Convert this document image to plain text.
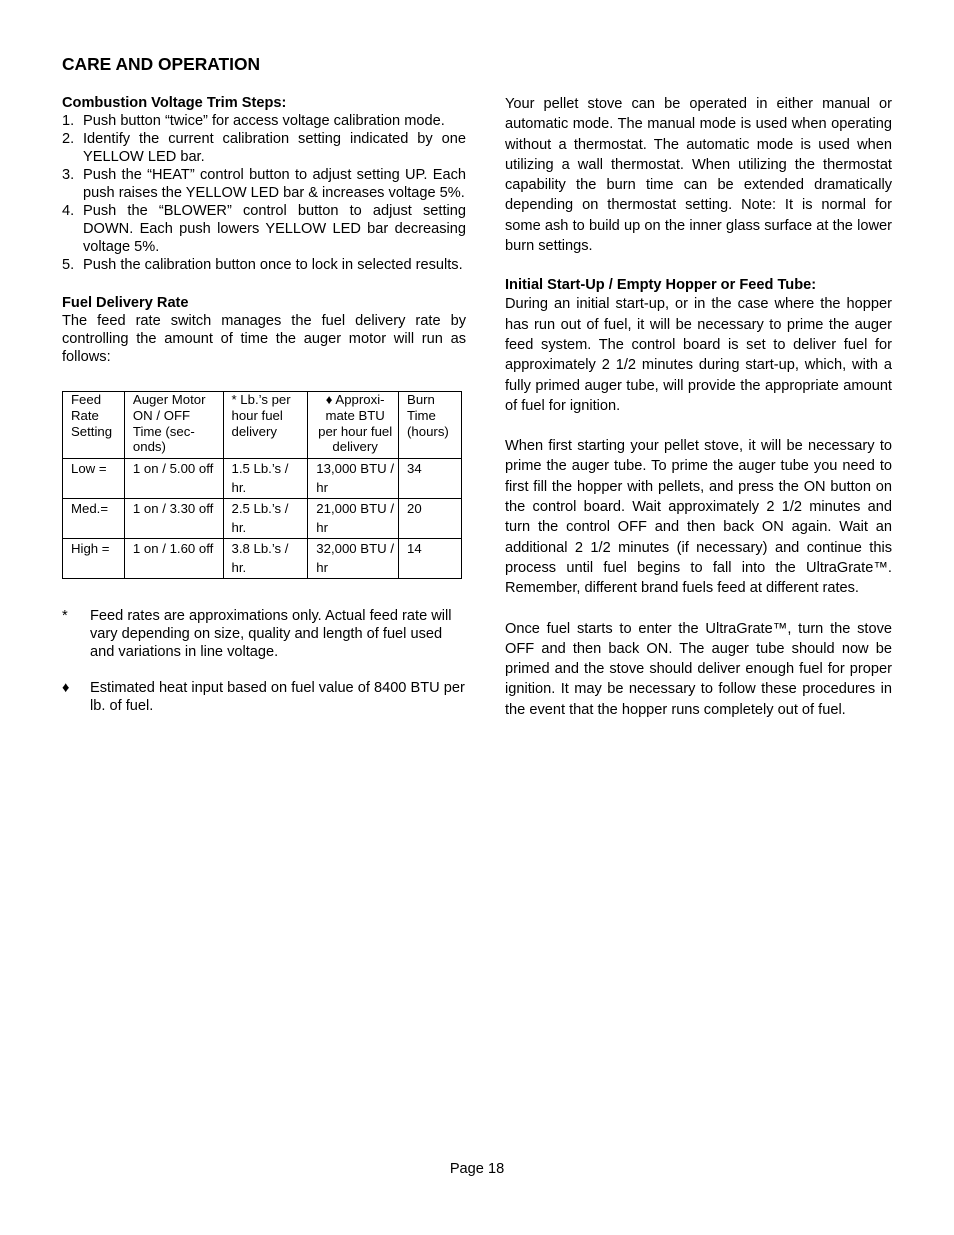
CARE AND OPERATION

Combustion Voltage Trim Steps:

1. Push button “twice” for access voltage calibration mode.
2. Identify the current calibration setting indicated by one YELLOW LED bar.
3. Push the “HEAT” control button to adjust setting UP. Each push raises the YELLOW LED bar & increases voltage 5%.
4. Push the “BLOWER” control button to adjust setting DOWN. Each push lowers YELLOW LED bar decreasing voltage 5%.
5. Push the calibration button once to lock in selected results.

Fuel Delivery Rate

The feed rate switch manages the fuel delivery rate by controlling the amount of time the auger motor will run as follows:

Feed Rate Setting	Auger Motor ON / OFF Time (seconds)	* Lb.’s per hour fuel delivery	♦ Approximate BTU per hour fuel delivery	Burn Time (hours)
Low =	1 on / 5.00 off	1.5 Lb.’s / hr.	13,000 BTU / hr	34
Med.=	1 on / 3.30 off	2.5 Lb.’s / hr.	21,000 BTU / hr	20
High =	1 on / 1.60 off	3.8 Lb.’s / hr.	32,000 BTU / hr	14
*	Feed rates are approximations only. Actual feed rate will vary depending on size, quality and length of fuel used and variations in line voltage.
♦	Estimated heat input based on fuel value of 8400 BTU per lb. of fuel.

Your pellet stove can be operated in either manual or automatic mode. The manual mode is used when operating without a thermostat. The automatic mode is used when utilizing a wall thermostat. When utilizing the thermostat capability the burn time can be extended dramatically depending on thermostat setting. Note: It is normal for some ash to build up on the inner glass surface at the lower burn settings.

Initial Start-Up / Empty Hopper or Feed Tube:

During an initial start-up, or in the case where the hopper has run out of fuel, it will be necessary to prime the auger feed system. The control board is set to deliver fuel for approximately 2 1/2 minutes during start-up, which, with a fully primed auger tube, will provide the appropriate amount of fuel for ignition.

When first starting your pellet stove, it will be necessary to prime the auger tube. To prime the auger tube you need to first fill the hopper with pellets, and press the ON button on the control board. Wait approximately 2 1/2 minutes and turn the control OFF and then back ON again. Wait an additional 2 1/2 minutes (if necessary) and continue this process until fuel begins to fall into the UltraGrate™. Remember, different brand fuels feed at different rates.

Once fuel starts to enter the UltraGrate™, turn the stove OFF and then back ON. The auger tube should now be primed and the stove should deliver enough fuel for proper ignition. It may be necessary to follow these procedures in the event that the hopper runs completely out of fuel.

Page 18
